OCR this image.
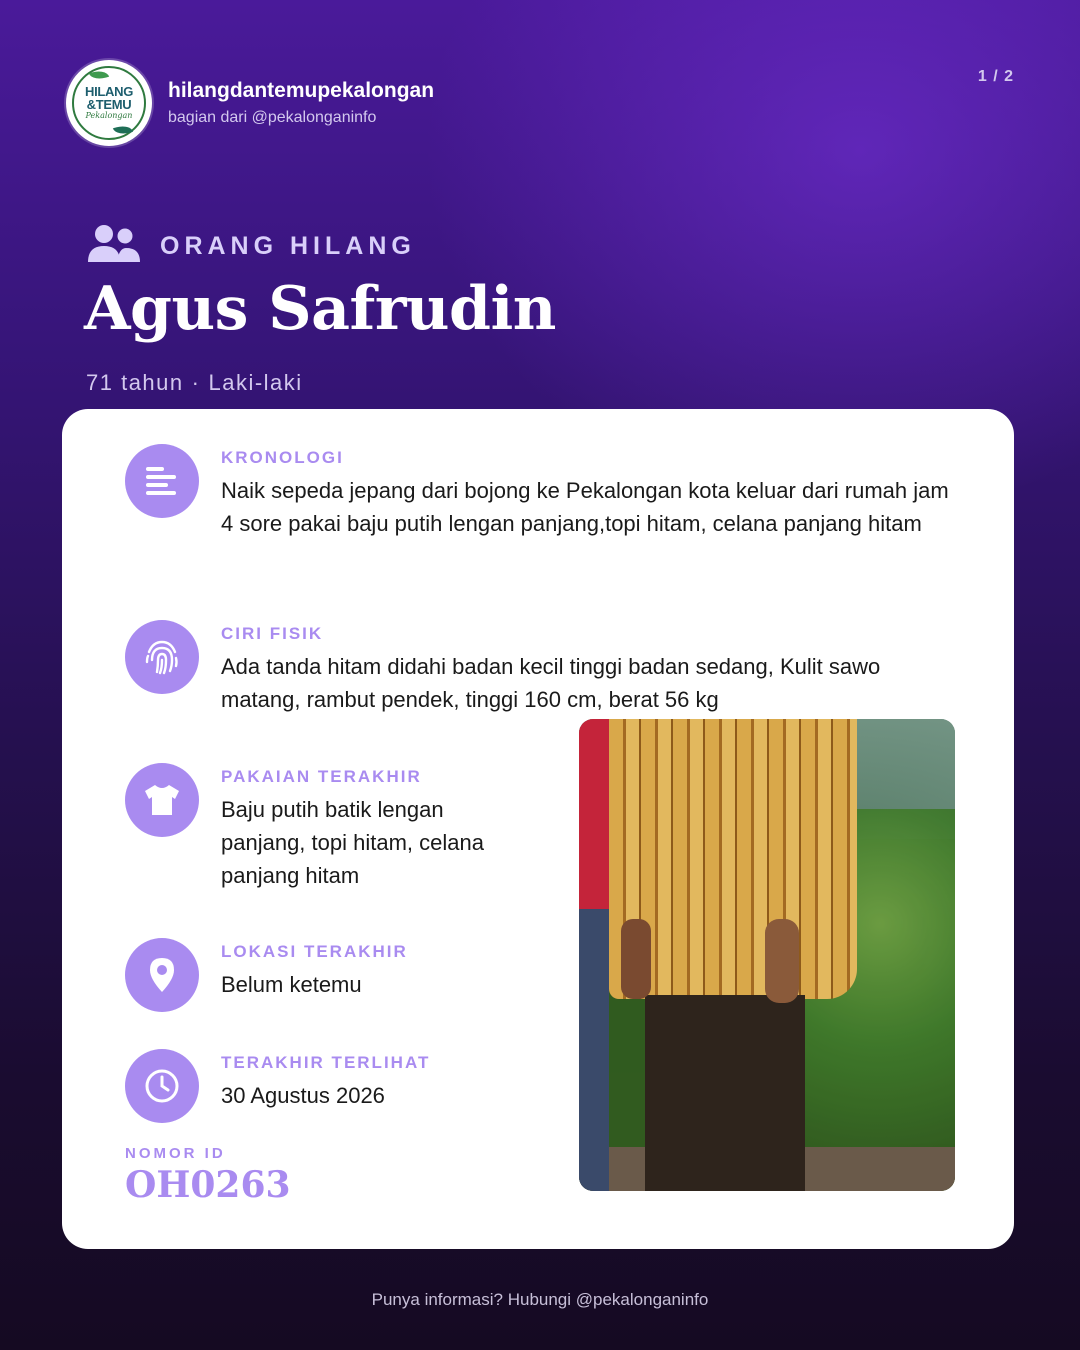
HILANG
&TEMU
Pekalongan
hilangdantemupekalongan
bagian dari @pekalonganinfo
1 / 2
ORANG HILANG
Agus Safrudin
71 tahun · Laki-laki
KRONOLOGI
Naik sepeda jepang dari bojong ke Pekalongan kota keluar dari rumah jam 4 sore pakai baju putih lengan panjang,topi hitam, celana panjang hitam
CIRI FISIK
Ada tanda hitam didahi badan kecil tinggi badan sedang, Kulit sawo matang, rambut pendek, tinggi 160 cm, berat 56 kg
PAKAIAN TERAKHIR
Baju putih batik lengan panjang, topi hitam, celana panjang hitam
LOKASI TERAKHIR
Belum ketemu
TERAKHIR TERLIHAT
30 Agustus 2026
NOMOR ID
OH0263
Punya informasi? Hubungi @pekalonganinfo
